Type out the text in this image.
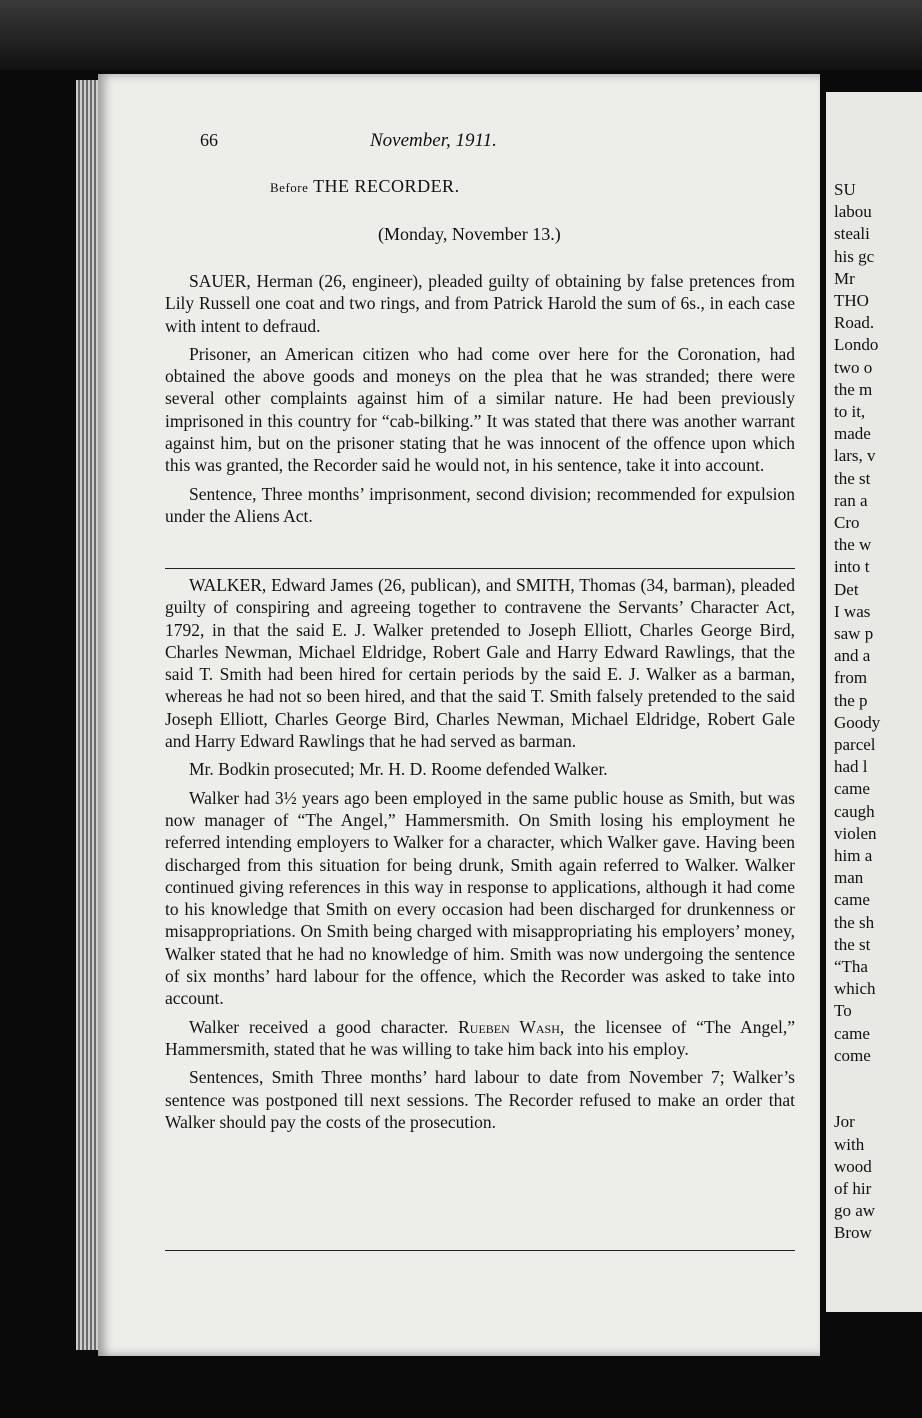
66	November, 1911.
Before THE RECORDER.
(Monday, November 13.)

SAUER, Herman (26, engineer), pleaded guilty of obtaining by false pretences from Lily Russell one coat and two rings, and from Patrick Harold the sum of 6s., in each case with intent to defraud.

Prisoner, an American citizen who had come over here for the Coronation, had obtained the above goods and moneys on the plea that he was stranded; there were several other complaints against him of a similar nature. He had been previously imprisoned in this country for “cab-bilking.” It was stated that there was another warrant against him, but on the prisoner stating that he was innocent of the offence upon which this was granted, the Recorder said he would not, in his sentence, take it into account.

Sentence, Three months’ imprisonment, second division; recommended for expulsion under the Aliens Act.

WALKER, Edward James (26, publican), and SMITH, Thomas (34, barman), pleaded guilty of conspiring and agreeing together to contravene the Servants’ Character Act, 1792, in that the said E. J. Walker pretended to Joseph Elliott, Charles George Bird, Charles Newman, Michael Eldridge, Robert Gale and Harry Edward Rawlings, that the said T. Smith had been hired for certain periods by the said E. J. Walker as a barman, whereas he had not so been hired, and that the said T. Smith falsely pretended to the said Joseph Elliott, Charles George Bird, Charles Newman, Michael Eldridge, Robert Gale and Harry Edward Rawlings that he had served as barman.

Mr. Bodkin prosecuted; Mr. H. D. Roome defended Walker.

Walker had 3½ years ago been employed in the same public house as Smith, but was now manager of “The Angel,” Hammersmith. On Smith losing his employment he referred intending employers to Walker for a character, which Walker gave. Having been discharged from this situation for being drunk, Smith again referred to Walker. Walker continued giving references in this way in response to applications, although it had come to his knowledge that Smith on every occasion had been discharged for drunkenness or misappropriations. On Smith being charged with misappropriating his employers’ money, Walker stated that he had no knowledge of him. Smith was now undergoing the sentence of six months’ hard labour for the offence, which the Recorder was asked to take into account.

Walker received a good character. Rueben Wash, the licensee of “The Angel,” Hammersmith, stated that he was willing to take him back into his employ.

Sentences, Smith Three months’ hard labour to date from November 7; Walker’s sentence was postponed till next sessions. The Recorder refused to make an order that Walker should pay the costs of the prosecution.

SU
labou
steali
his gc
Mr
THO
Road.
Londo
two o
the m
to it,
made
lars, v
the st
ran a
Cro
the w
into t
Det
I was
saw p
and a
from
the p
Goody
parcel
had l
came
caugh
violen
him a
man
came
the sh
the st
“Tha
which
To
came
come
Jor
with
wood
of hir
go aw
Brow
